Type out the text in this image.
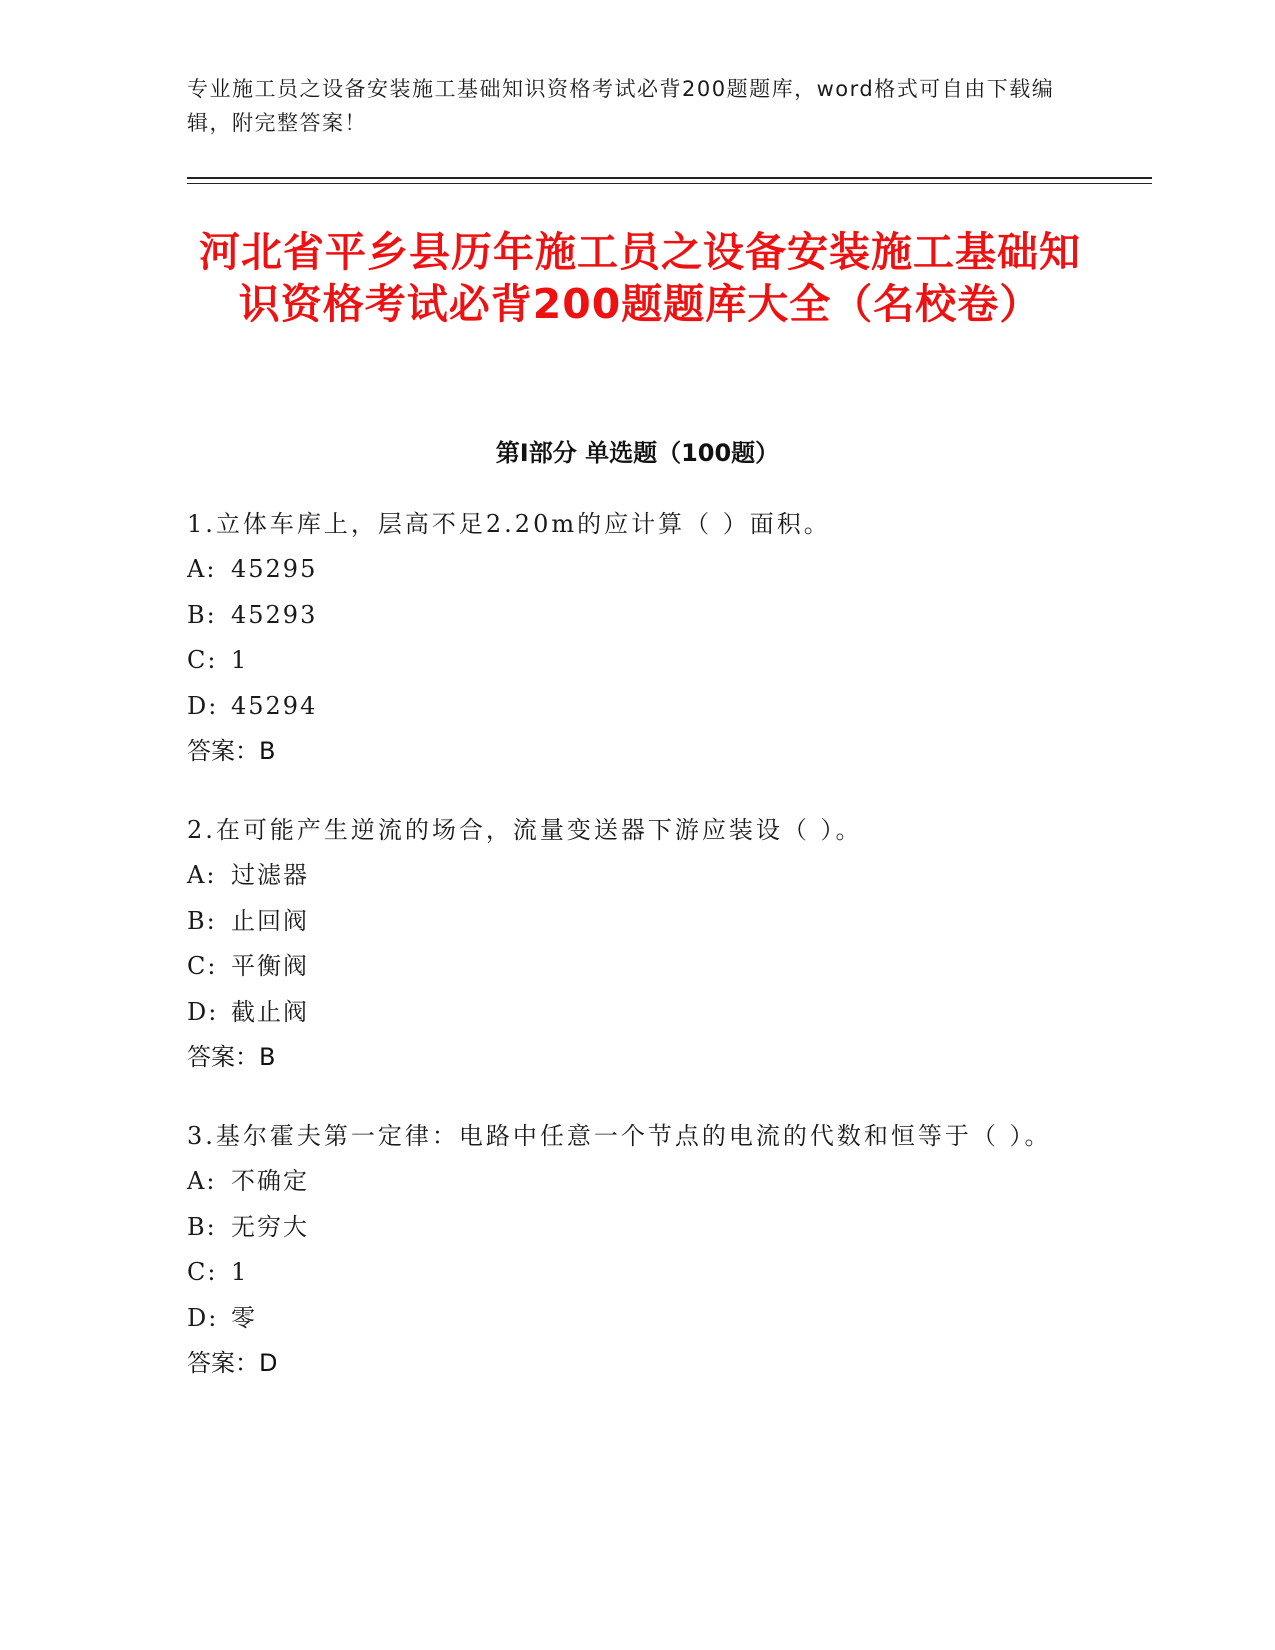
专业施工员之设备安装施工基础知识资格考试必背200题题库，word格式可自由下载编辑，附完整答案！
河北省平乡县历年施工员之设备安装施工基础知识资格考试必背200题题库大全（名校卷）
第Ⅰ部分 单选题（100题）
1.立体车库上，层高不足2.20m的应计算（ ）面积。
A: 45295
B: 45293
C: 1
D: 45294
答案：B
2.在可能产生逆流的场合，流量变送器下游应装设（ ）。
A: 过滤器
B: 止回阀
C: 平衡阀
D: 截止阀
答案：B
3.基尔霍夫第一定律：电路中任意一个节点的电流的代数和恒等于（ ）。
A: 不确定
B: 无穷大
C: 1
D: 零
答案：D
